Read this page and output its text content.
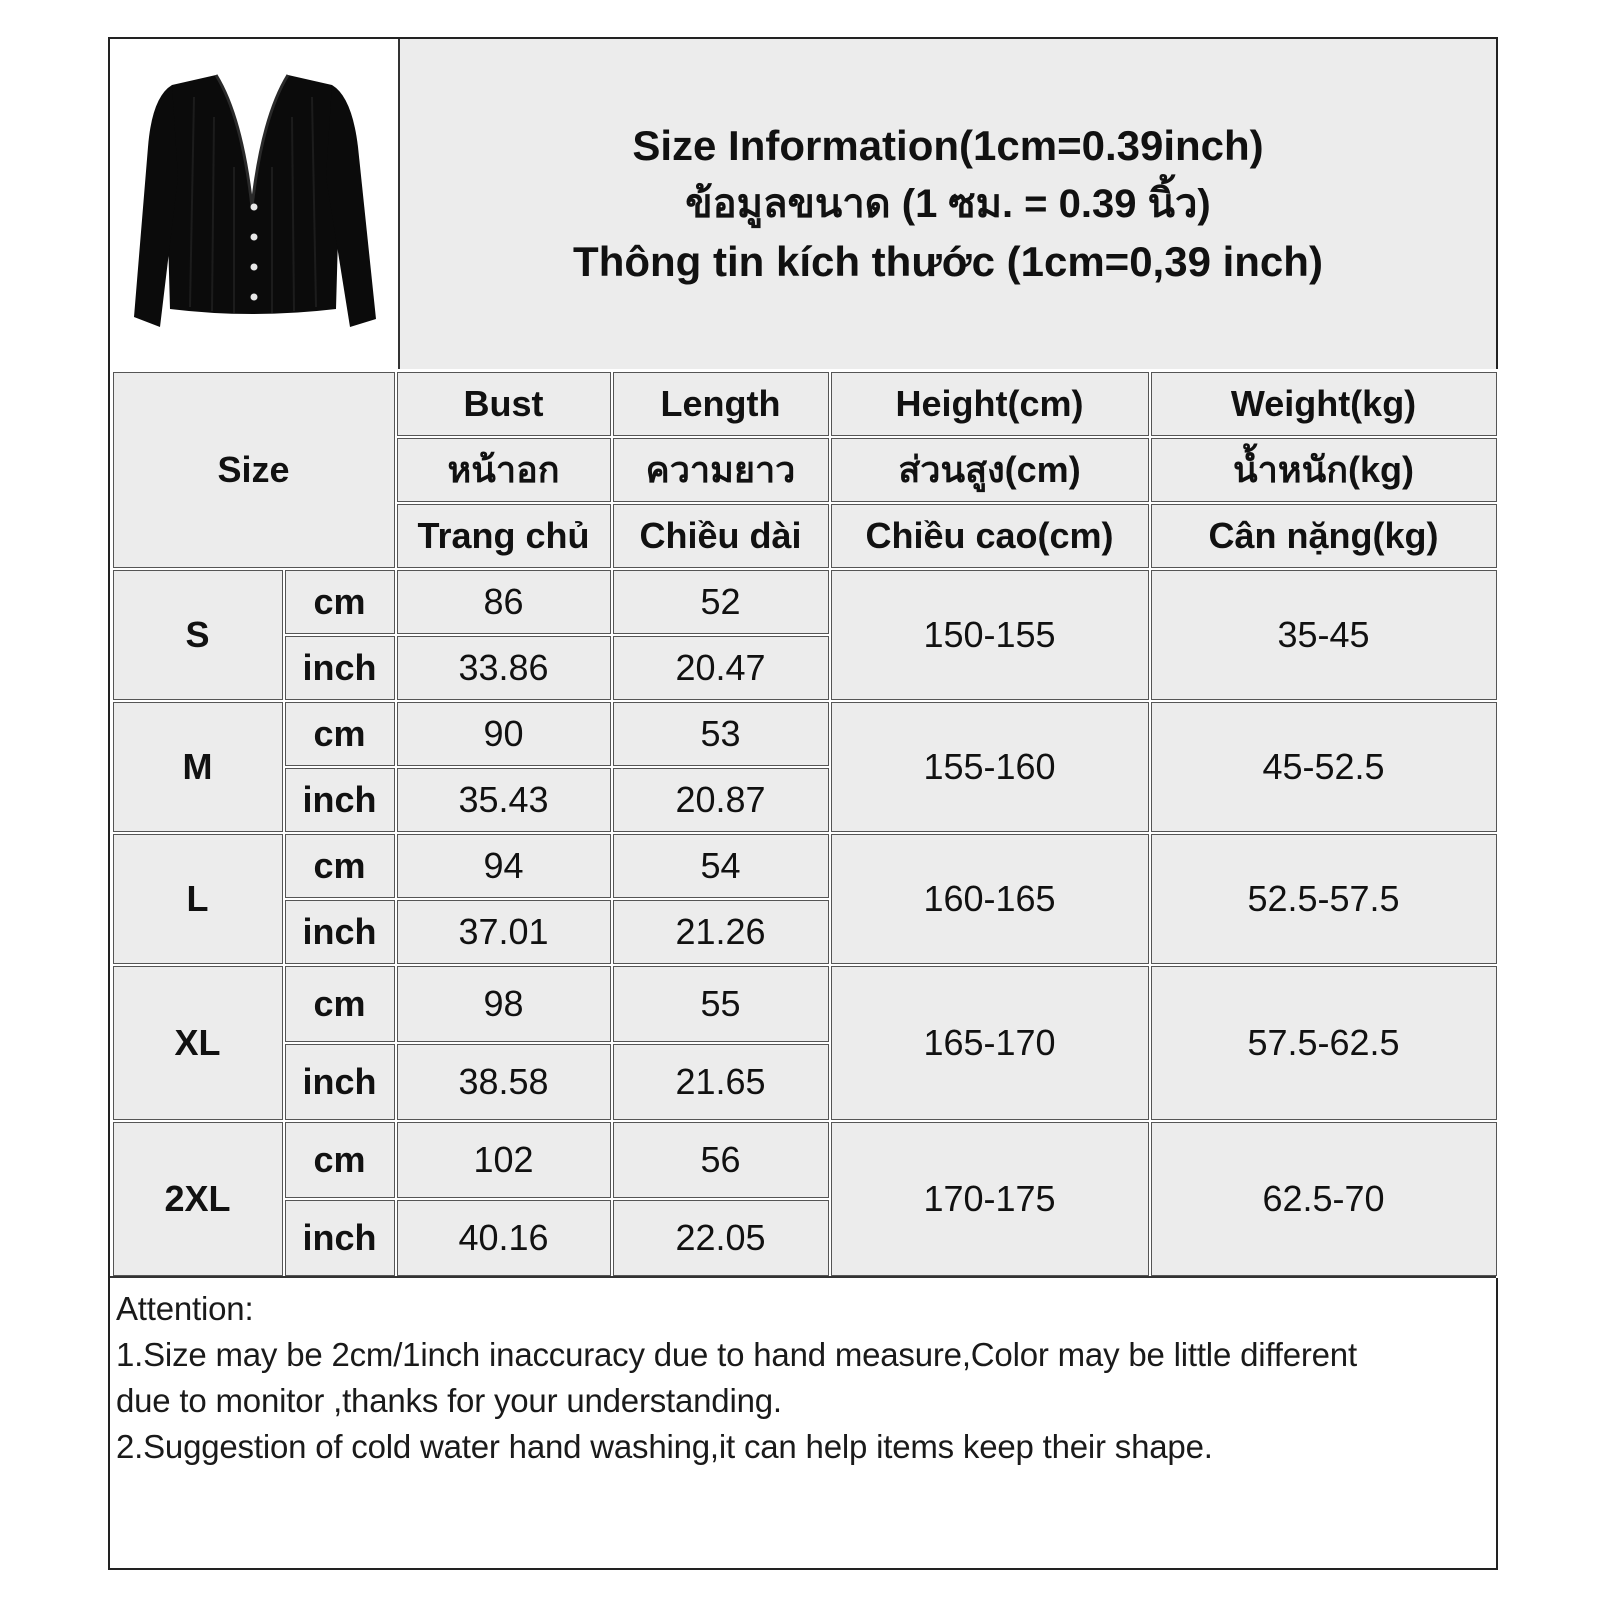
Size Information(1cm=0.39inch)
ข้อมูลขนาด (1 ซม. = 0.39 นิ้ว)
Thông tin kích thước (1cm=0,39 inch)
Size		Bust	Length	Height(cm)	Weight(kg)
		หน้าอก	ความยาว	ส่วนสูง(cm)	น้ำหนัก(kg)
		Trang chủ	Chiều dài	Chiều cao(cm)	Cân nặng(kg)
S	cm	86	52	150-155	35-45
	inch	33.86	20.47		
M	cm	90	53	155-160	45-52.5
	inch	35.43	20.87		
L	cm	94	54	160-165	52.5-57.5
	inch	37.01	21.26		
XL	cm	98	55	165-170	57.5-62.5
	inch	38.58	21.65		
2XL	cm	102	56	170-175	62.5-70
	inch	40.16	22.05		
Attention:
1.Size may be 2cm/1inch inaccuracy due to hand measure,Color may be little different
due to monitor ,thanks for your understanding.
2.Suggestion of cold water hand washing,it can help items keep their shape.
